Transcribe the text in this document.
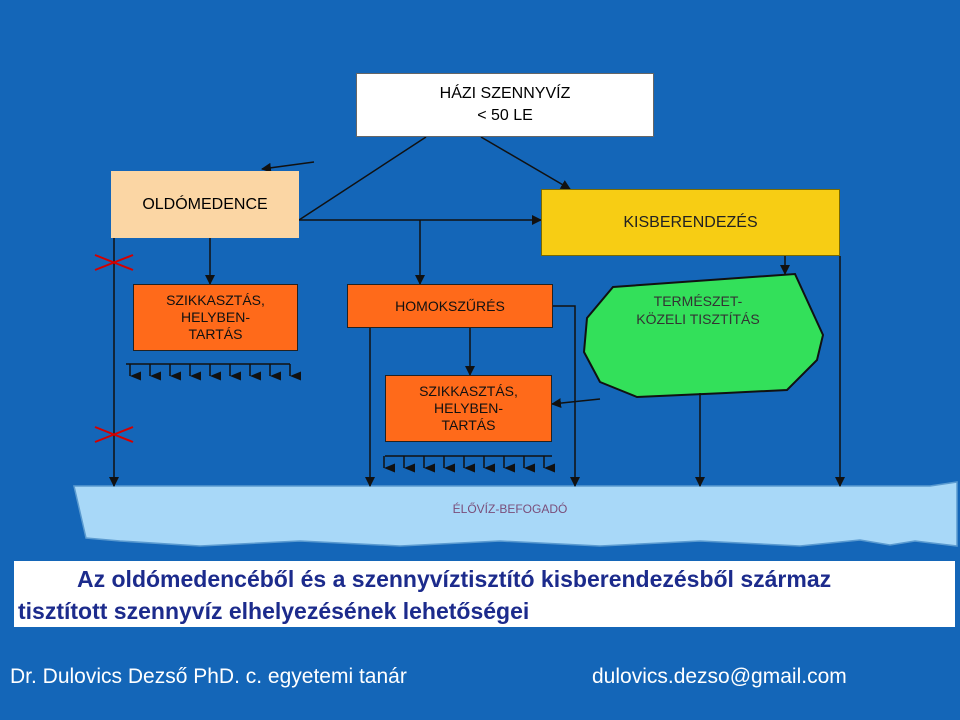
HÁZI SZENNYVÍZ
< 50 LE
OLDÓMEDENCE
KISBERENDEZÉS
SZIKKASZTÁS,
HELYBEN-
TARTÁS
HOMOKSZŰRÉS
SZIKKASZTÁS,
HELYBEN-
TARTÁS
TERMÉSZET-
KÖZELI TISZTÍTÁS
ÉLŐVÍZ-BEFOGADÓ
Az oldómedencéből és a szennyvíztisztító kisberendezésből származ
tisztított szennyvíz elhelyezésének lehetőségei
Dr. Dulovics Dezső PhD. c. egyetemi tanár	dulovics.dezso@gmail.com
